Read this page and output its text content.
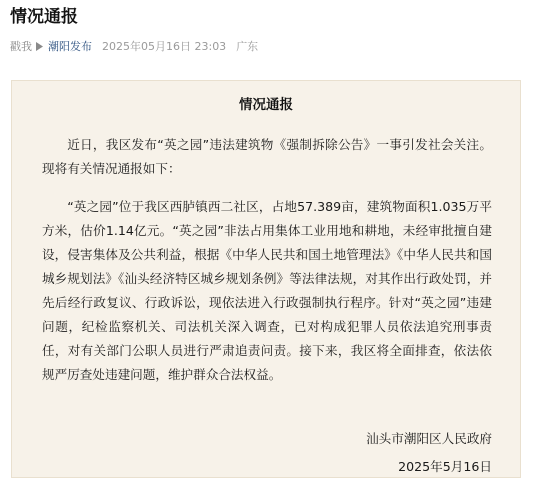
情况通报
戳我 潮阳发布 2025年05月16日 23:03 广东
情况通报

近日，我区发布“英之园”违法建筑物《强制拆除公告》一事引发社会关注。现将有关情况通报如下：

“英之园”位于我区西胪镇西二社区，占地57.389亩，建筑物面积1.035万平方米，估价1.14亿元。“英之园”非法占用集体工业用地和耕地，未经审批擅自建设，侵害集体及公共利益，根据《中华人民共和国土地管理法》《中华人民共和国城乡规划法》《汕头经济特区城乡规划条例》等法律法规，对其作出行政处罚，并先后经行政复议、行政诉讼，现依法进入行政强制执行程序。针对“英之园”违建问题，纪检监察机关、司法机关深入调查，已对构成犯罪人员依法追究刑事责任，对有关部门公职人员进行严肃追责问责。接下来，我区将全面排查，依法依规严厉查处违建问题，维护群众合法权益。

汕头市潮阳区人民政府
2025年5月16日
